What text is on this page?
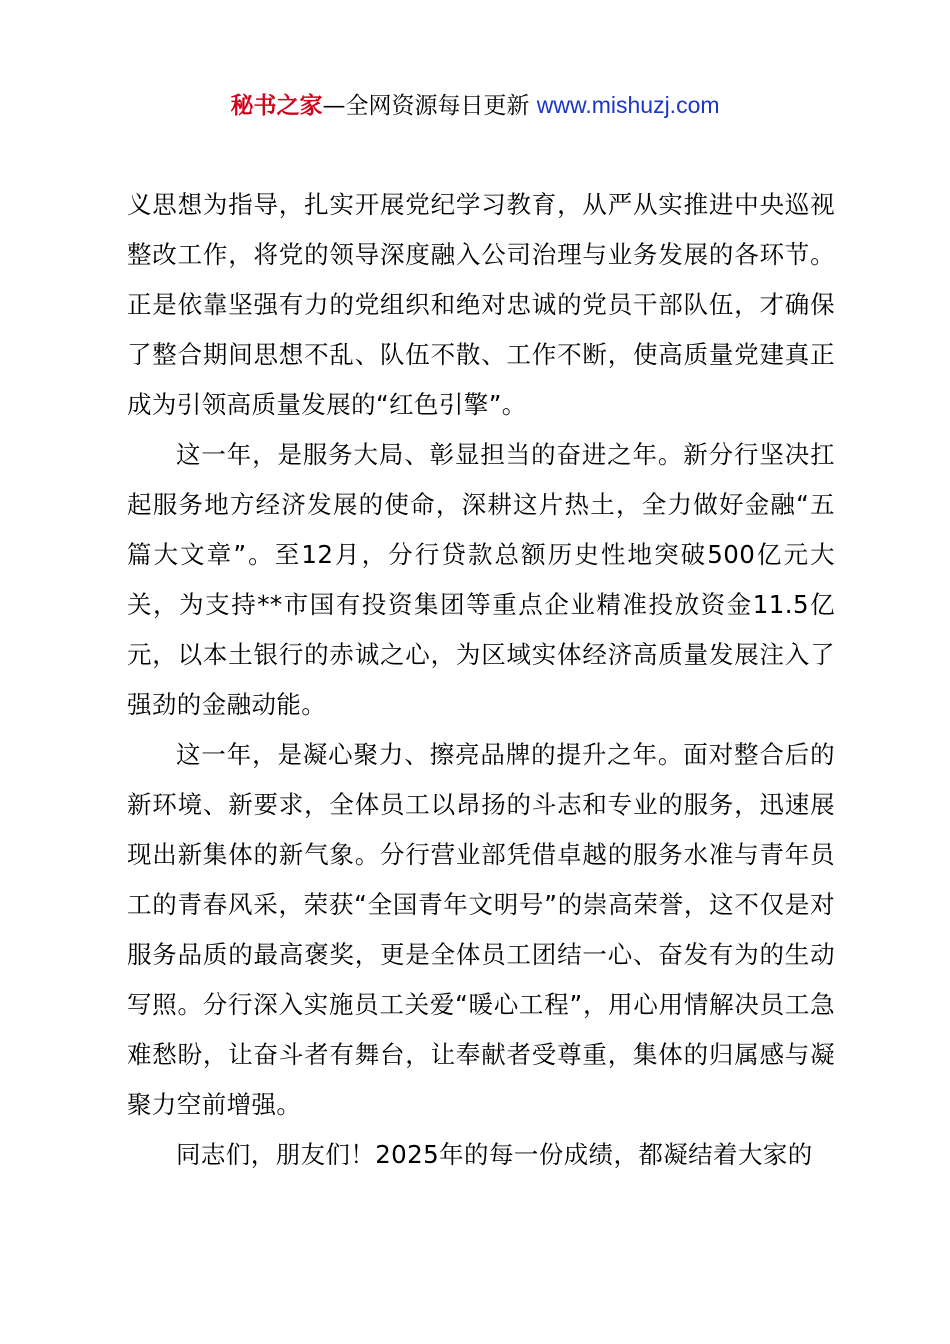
秘书之家—全网资源每日更新 www.mishuzj.com

义思想为指导，扎实开展党纪学习教育，从严从实推进中央巡视整改工作，将党的领导深度融入公司治理与业务发展的各环节。正是依靠坚强有力的党组织和绝对忠诚的党员干部队伍，才确保了整合期间思想不乱、队伍不散、工作不断，使高质量党建真正成为引领高质量发展的“红色引擎”。

这一年，是服务大局、彰显担当的奋进之年。新分行坚决扛起服务地方经济发展的使命，深耕这片热土，全力做好金融“五篇大文章”。至12月，分行贷款总额历史性地突破500亿元大关，为支持**市国有投资集团等重点企业精准投放资金11.5亿元，以本土银行的赤诚之心，为区域实体经济高质量发展注入了强劲的金融动能。

这一年，是凝心聚力、擦亮品牌的提升之年。面对整合后的新环境、新要求，全体员工以昂扬的斗志和专业的服务，迅速展现出新集体的新气象。分行营业部凭借卓越的服务水准与青年员工的青春风采，荣获“全国青年文明号”的崇高荣誉，这不仅是对服务品质的最高褒奖，更是全体员工团结一心、奋发有为的生动写照。分行深入实施员工关爱“暖心工程”，用心用情解决员工急难愁盼，让奋斗者有舞台，让奉献者受尊重，集体的归属感与凝聚力空前增强。

同志们，朋友们！2025年的每一份成绩，都凝结着大家的
